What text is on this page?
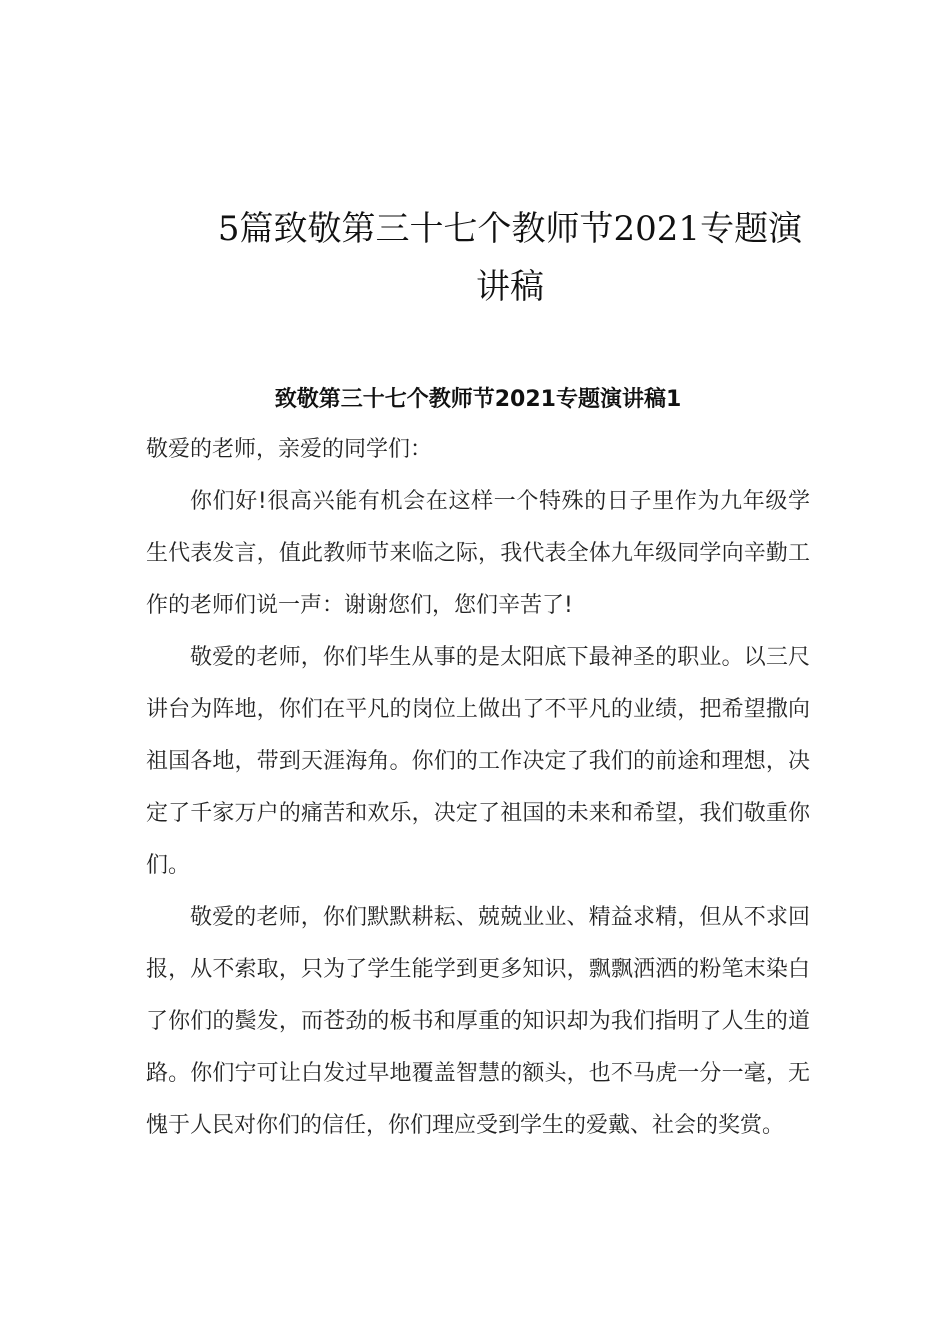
5篇致敬第三十七个教师节2021专题演讲稿
致敬第三十七个教师节2021专题演讲稿1

敬爱的老师，亲爱的同学们：

你们好!很高兴能有机会在这样一个特殊的日子里作为九年级学生代表发言，值此教师节来临之际，我代表全体九年级同学向辛勤工作的老师们说一声：谢谢您们，您们辛苦了!

敬爱的老师，你们毕生从事的是太阳底下最神圣的职业。以三尺讲台为阵地，你们在平凡的岗位上做出了不平凡的业绩，把希望撒向祖国各地，带到天涯海角。你们的工作决定了我们的前途和理想，决定了千家万户的痛苦和欢乐，决定了祖国的未来和希望，我们敬重你们。

敬爱的老师，你们默默耕耘、兢兢业业、精益求精，但从不求回报，从不索取，只为了学生能学到更多知识，飘飘洒洒的粉笔末染白了你们的鬓发，而苍劲的板书和厚重的知识却为我们指明了人生的道路。你们宁可让白发过早地覆盖智慧的额头，也不马虎一分一毫，无愧于人民对你们的信任，你们理应受到学生的爱戴、社会的奖赏。
